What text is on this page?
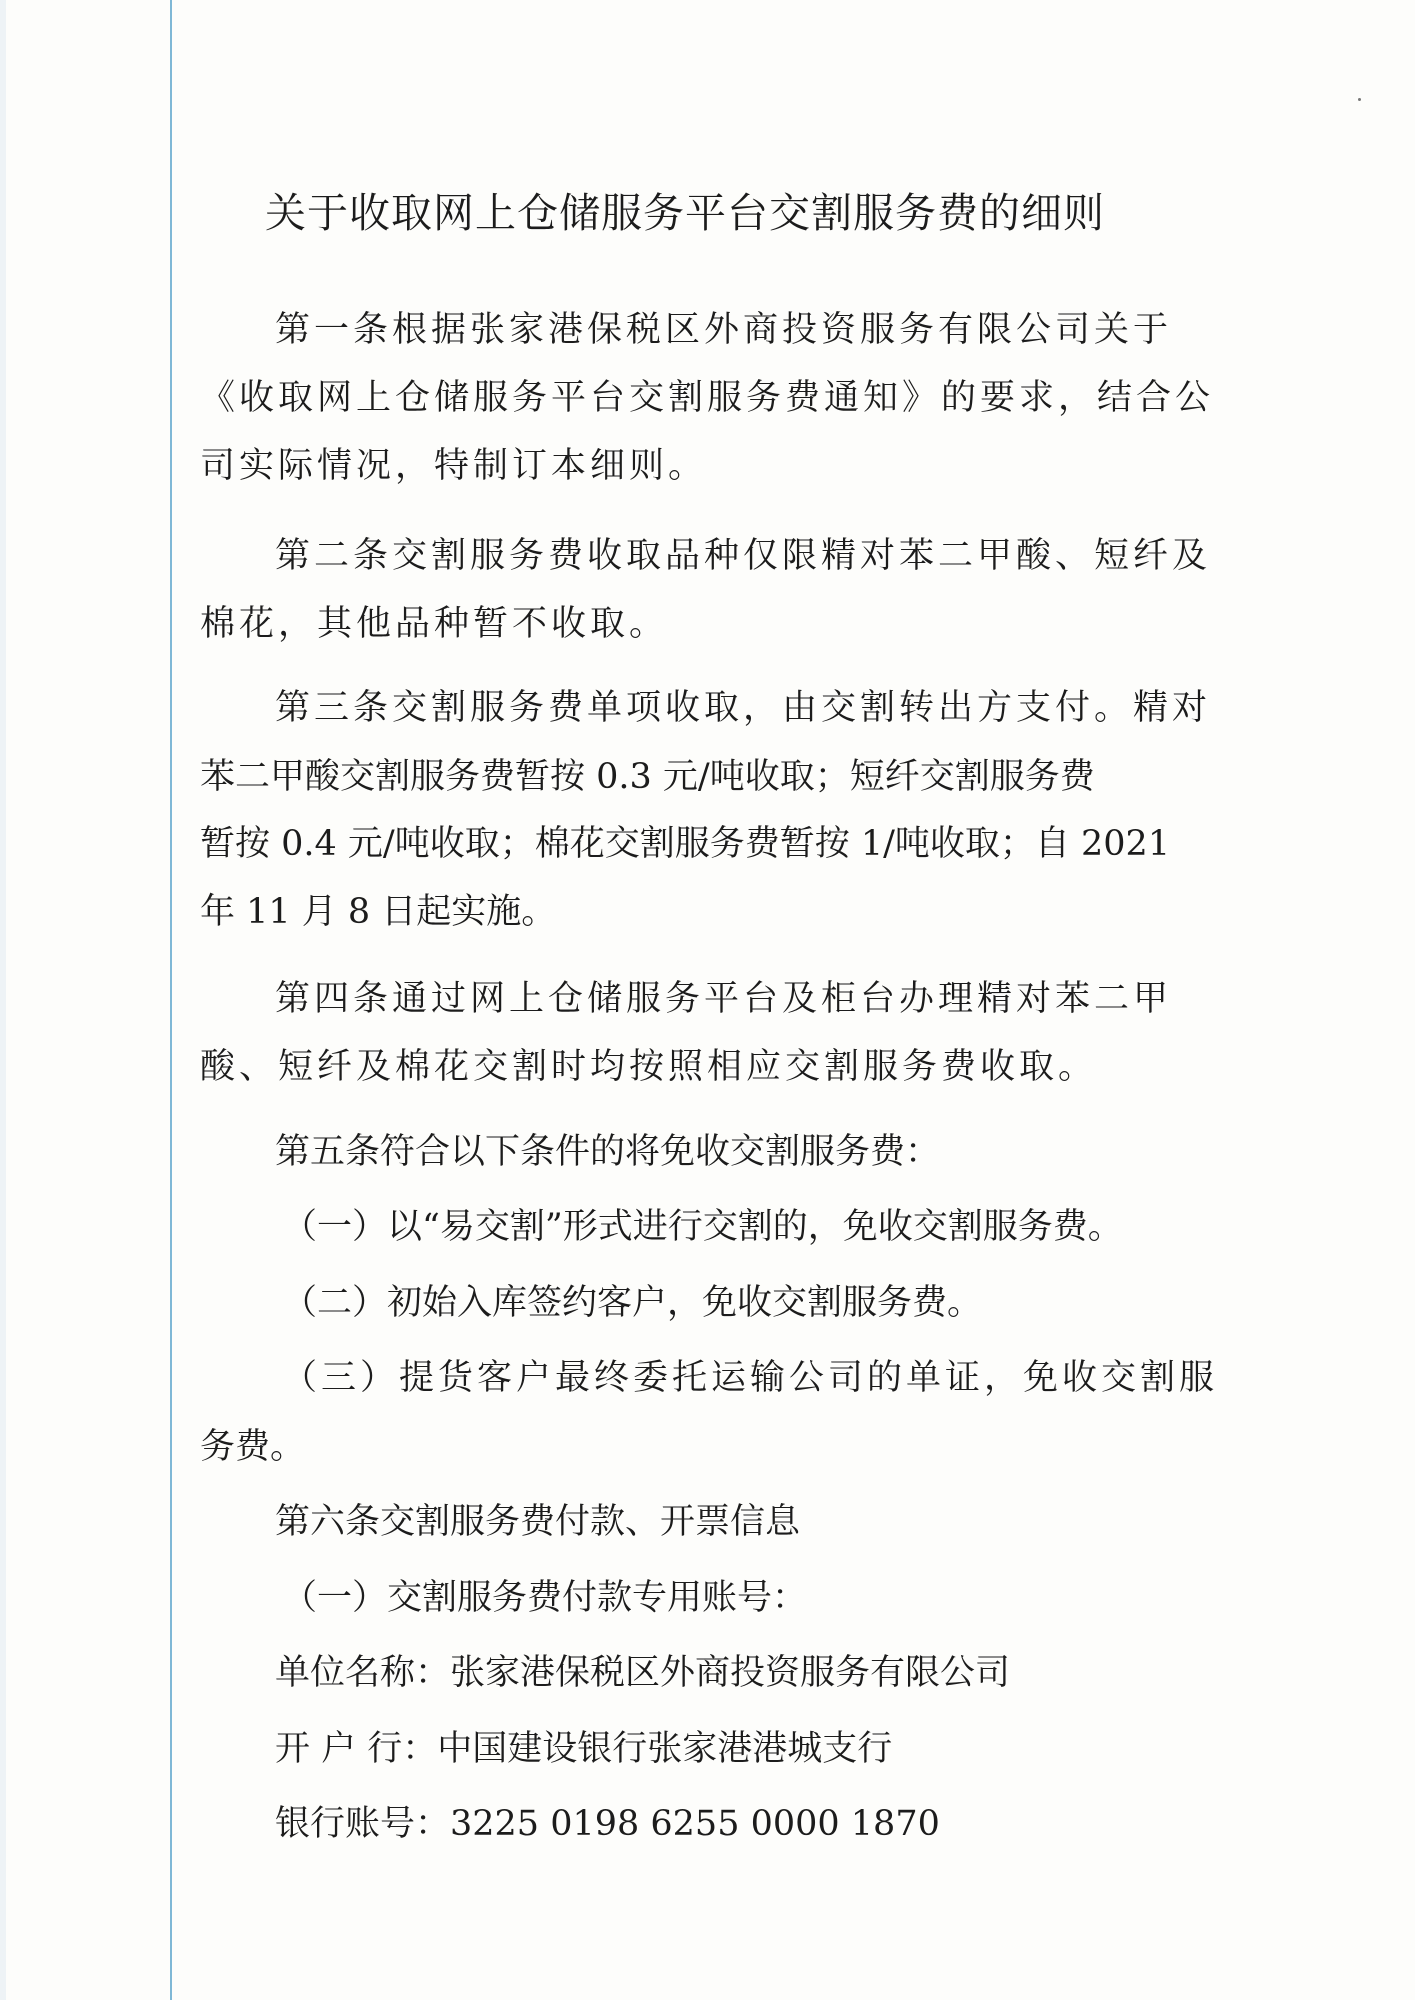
关于收取网上仓储服务平台交割服务费的细则
第一条根据张家港保税区外商投资服务有限公司关于
《收取网上仓储服务平台交割服务费通知》的要求，结合公
司实际情况，特制订本细则。
第二条交割服务费收取品种仅限精对苯二甲酸、短纤及
棉花，其他品种暂不收取。
第三条交割服务费单项收取，由交割转出方支付。精对
苯二甲酸交割服务费暂按 0.3 元/吨收取；短纤交割服务费
暂按 0.4 元/吨收取；棉花交割服务费暂按 1/吨收取；自 2021
年 11 月 8 日起实施。
第四条通过网上仓储服务平台及柜台办理精对苯二甲
酸、短纤及棉花交割时均按照相应交割服务费收取。
第五条符合以下条件的将免收交割服务费：
（一）以“易交割”形式进行交割的，免收交割服务费。
（二）初始入库签约客户，免收交割服务费。
（三）提货客户最终委托运输公司的单证，免收交割服
务费。
第六条交割服务费付款、开票信息
（一）交割服务费付款专用账号：
单位名称：张家港保税区外商投资服务有限公司
开 户 行：中国建设银行张家港港城支行
银行账号：3225 0198 6255 0000 1870
